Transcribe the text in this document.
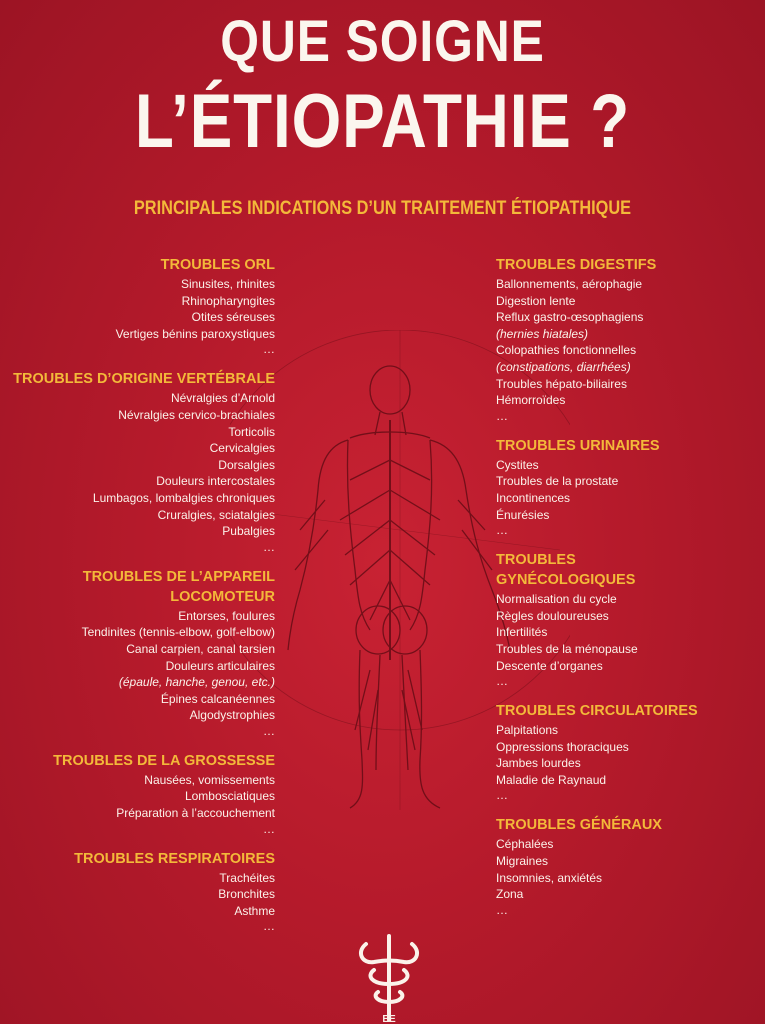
QUE SOIGNE
L’ÉTIOPATHIE ?
PRINCIPALES INDICATIONS D’UN TRAITEMENT ÉTIOPATHIQUE
TROUBLES ORL
Sinusites, rhinites
Rhinopharyngites
Otites séreuses
Vertiges bénins paroxystiques
…
TROUBLES D’ORIGINE VERTÉBRALE
Névralgies d’Arnold
Névralgies cervico-brachiales
Torticolis
Cervicalgies
Dorsalgies
Douleurs intercostales
Lumbagos, lombalgies chroniques
Cruralgies, sciatalgies
Pubalgies
…
TROUBLES DE L’APPAREIL
LOCOMOTEUR
Entorses, foulures
Tendinites (tennis-elbow, golf-elbow)
Canal carpien, canal tarsien
Douleurs articulaires
(épaule, hanche, genou, etc.)
Épines calcanéennes
Algodystrophies
…
TROUBLES DE LA GROSSESSE
Nausées, vomissements
Lombosciatiques
Préparation à l’accouchement
…
TROUBLES RESPIRATOIRES
Trachéites
Bronchites
Asthme
…
TROUBLES DIGESTIFS
Ballonnements, aérophagie
Digestion lente
Reflux gastro-œsophagiens
(hernies hiatales)
Colopathies fonctionnelles
(constipations, diarrhées)
Troubles hépato-biliaires
Hémorroïdes
…
TROUBLES URINAIRES
Cystites
Troubles de la prostate
Incontinences
Énurésies
…
TROUBLES
GYNÉCOLOGIQUES
Normalisation du cycle
Règles douloureuses
Infertilités
Troubles de la ménopause
Descente d’organes
…
TROUBLES CIRCULATOIRES
Palpitations
Oppressions thoraciques
Jambes lourdes
Maladie de Raynaud
…
TROUBLES GÉNÉRAUX
Céphalées
Migraines
Insomnies, anxiétés
Zona
…
EE
